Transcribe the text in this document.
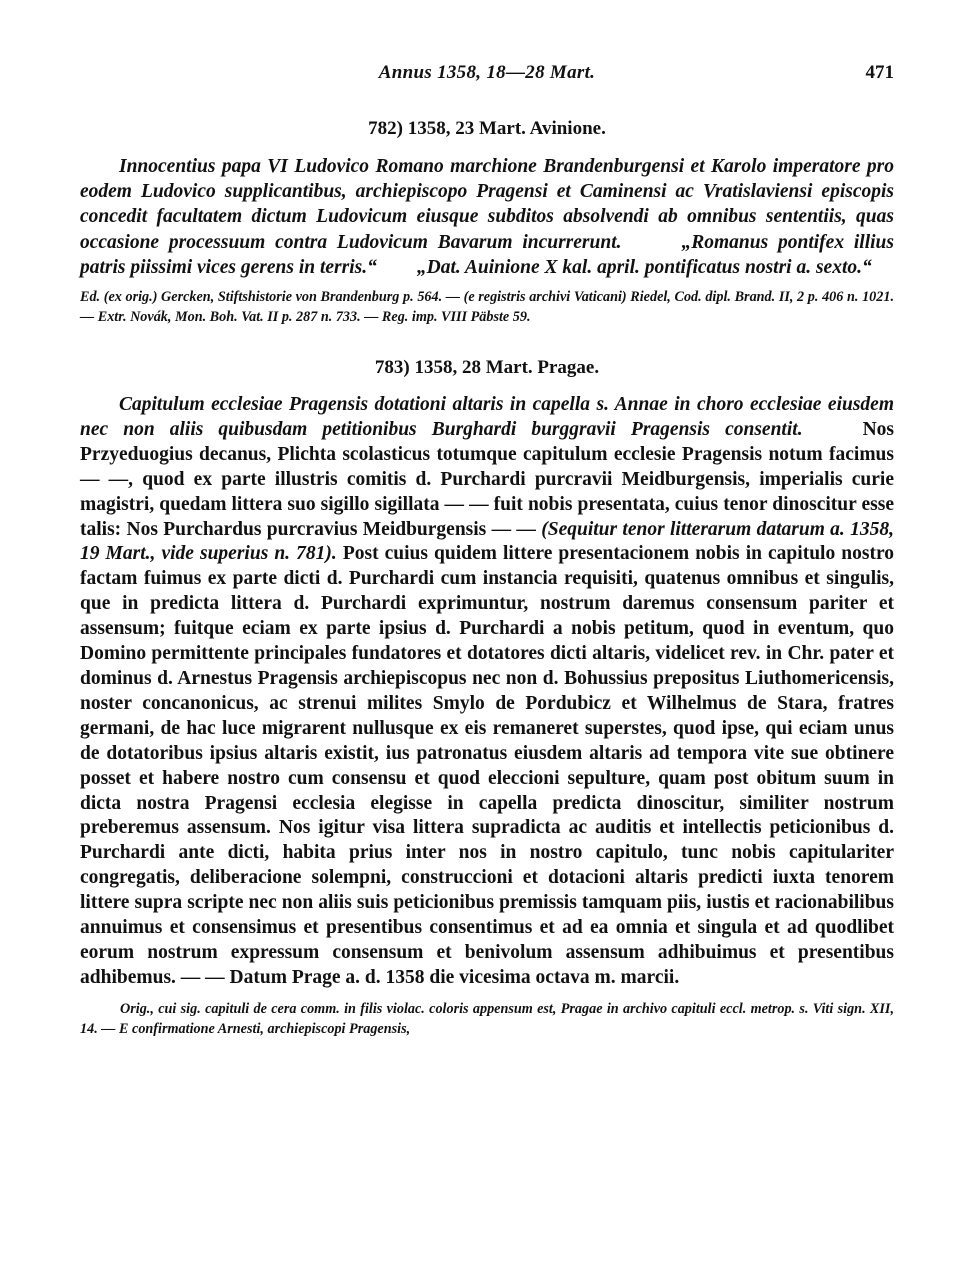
Annus 1358, 18—28 Mart.	471
782) 1358, 23 Mart. Avinione.

Innocentius papa VI Ludovico Romano marchione Brandenburgensi et Karolo imperatore pro eodem Ludovico supplicantibus, archiepiscopo Pragensi et Caminensi ac Vratislaviensi episcopis concedit facultatem dictum Ludovicum eiusque subditos absolvendi ab omnibus sententiis, quas occasione processuum contra Ludovicum Bavarum incurrerunt.	„Romanus pontifex illius patris piissimi vices gerens in terris.“ „Dat. Auinione X kal. april. pontificatus nostri a. sexto.“

Ed. (ex orig.) Gercken, Stiftshistorie von Brandenburg p. 564. — (e registris archivi Vaticani) Riedel, Cod. dipl. Brand. II, 2 p. 406 n. 1021. — Extr. Novák, Mon. Boh. Vat. II p. 287 n. 733. — Reg. imp. VIII Päbste 59.

783) 1358, 28 Mart. Pragae.

Capitulum ecclesiae Pragensis dotationi altaris in capella s. Annae in choro ecclesiae eiusdem nec non aliis quibusdam petitionibus Burghardi burggravii Pragensis consentit.	Nos Przyeduogius decanus, Plichta scolasticus totumque capitulum ecclesie Pragensis notum facimus — —, quod ex parte illustris comitis d. Purchardi purcravii Meidburgensis, imperialis curie magistri, quedam littera suo sigillo sigillata — — fuit nobis presentata, cuius tenor dinoscitur esse talis: Nos Purchardus purcravius Meidburgensis — — (Sequitur tenor litterarum datarum a. 1358, 19 Mart., vide superius n. 781). Post cuius quidem littere presentacionem nobis in capitulo nostro factam fuimus ex parte dicti d. Purchardi cum instancia requisiti, quatenus omnibus et singulis, que in predicta littera d. Purchardi exprimuntur, nostrum daremus consensum pariter et assensum; fuitque eciam ex parte ipsius d. Purchardi a nobis petitum, quod in eventum, quo Domino permittente principales fundatores et dotatores dicti altaris, videlicet rev. in Chr. pater et dominus d. Arnestus Pragensis archiepiscopus nec non d. Bohussius prepositus Liuthomericensis, noster concanonicus, ac strenui milites Smylo de Pordubicz et Wilhelmus de Stara, fratres germani, de hac luce migrarent nullusque ex eis remaneret superstes, quod ipse, qui eciam unus de dotatoribus ipsius altaris existit, ius patronatus eiusdem altaris ad tempora vite sue obtinere posset et habere nostro cum consensu et quod eleccioni sepulture, quam post obitum suum in dicta nostra Pragensi ecclesia elegisse in capella predicta dinoscitur, similiter nostrum preberemus assensum. Nos igitur visa littera supradicta ac auditis et intellectis peticionibus d. Purchardi ante dicti, habita prius inter nos in nostro capitulo, tunc nobis capitulariter congregatis, deliberacione solempni, construccioni et dotacioni altaris predicti iuxta tenorem littere supra scripte nec non aliis suis peticionibus premissis tamquam piis, iustis et racionabilibus annuimus et consensimus et presentibus consentimus et ad ea omnia et singula et ad quodlibet eorum nostrum expressum consensum et benivolum assensum adhibuimus et presentibus adhibemus. — — Datum Prage a. d. 1358 die vicesima octava m. marcii.

Orig., cui sig. capituli de cera comm. in filis violac. coloris appensum est, Pragae in archivo capituli eccl. metrop. s. Viti sign. XII, 14. — E confirmatione Arnesti, archiepiscopi Pragensis,
